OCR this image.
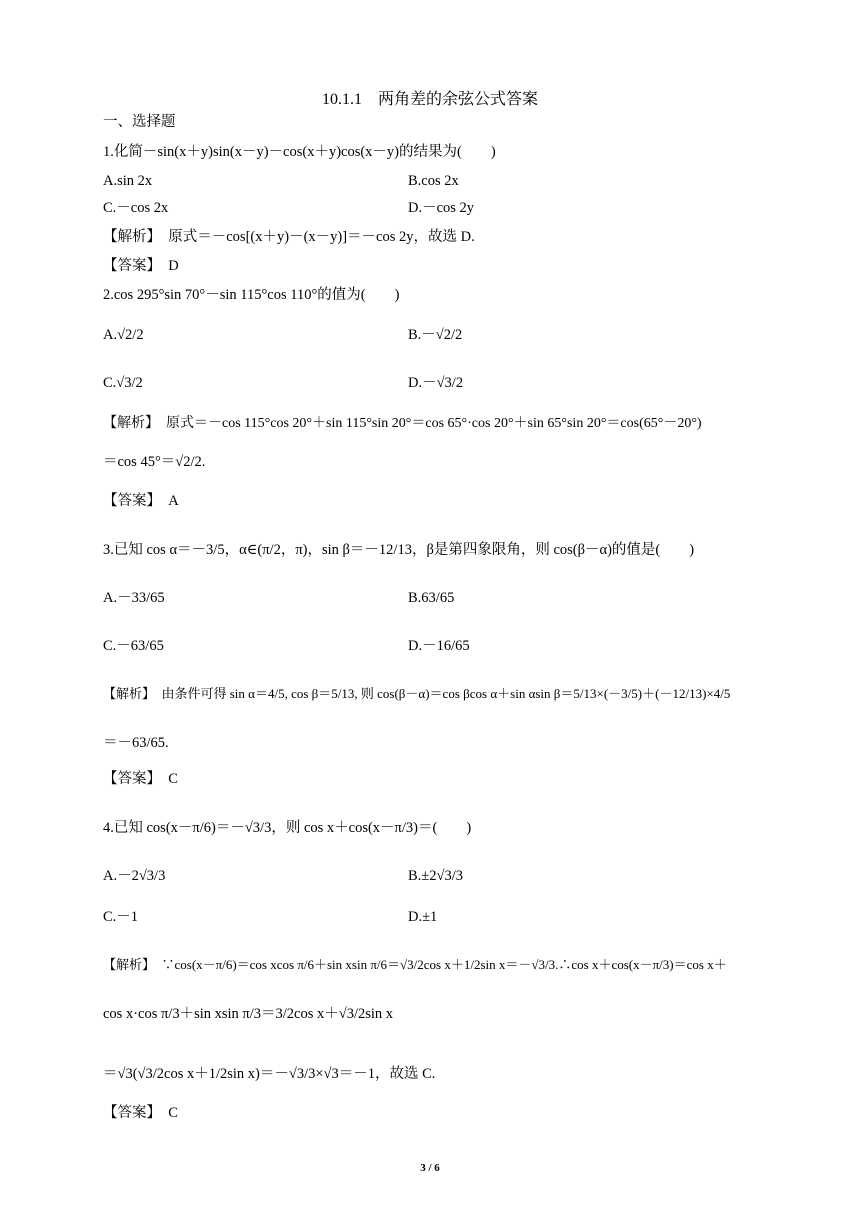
10.1.1　两角差的余弦公式答案
一、选择题
1.化简－sin(x＋y)sin(x－y)－cos(x＋y)cos(x－y)的结果为(　　)
A.sin 2x	B.cos 2x
C.－cos 2x	D.－cos 2y
【解析】　原式＝－cos[(x＋y)－(x－y)]＝－cos 2y，故选 D.
【答案】　D
2.cos 295°sin 70°－sin 115°cos 110°的值为(　　)
A.√2/2	B.－√2/2
C.√3/2	D.－√3/2
【解析】　原式＝－cos 115°cos 20°＋sin 115°sin 20°＝cos 65°·cos 20°＋sin 65°sin 20°＝cos(65°－20°)
＝cos 45°＝√2/2.
【答案】　A
3.已知 cos α＝－3/5，α∈(π/2，π)，sin β＝－12/13，β是第四象限角，则 cos(β－α)的值是(　　)
A.－33/65	B.63/65
C.－63/65	D.－16/65
【解析】　由条件可得 sin α＝4/5, cos β＝5/13, 则 cos(β－α)＝cos βcos α＋sin αsin β＝5/13×(－3/5)＋(－12/13)×4/5
＝－63/65.
【答案】　C
4.已知 cos(x－π/6)＝－√3/3，则 cos x＋cos(x－π/3)＝(　　)
A.－2√3/3	B.±2√3/3
C.－1	D.±1
【解析】　∵cos(x－π/6)＝cos xcos π/6＋sin xsin π/6＝√3/2cos x＋1/2sin x＝－√3/3.∴cos x＋cos(x－π/3)＝cos x＋
cos x·cos π/3＋sin xsin π/3＝3/2cos x＋√3/2sin x
＝√3(√3/2cos x＋1/2sin x)＝－√3/3×√3＝－1，故选 C.
【答案】　C
3 / 6
